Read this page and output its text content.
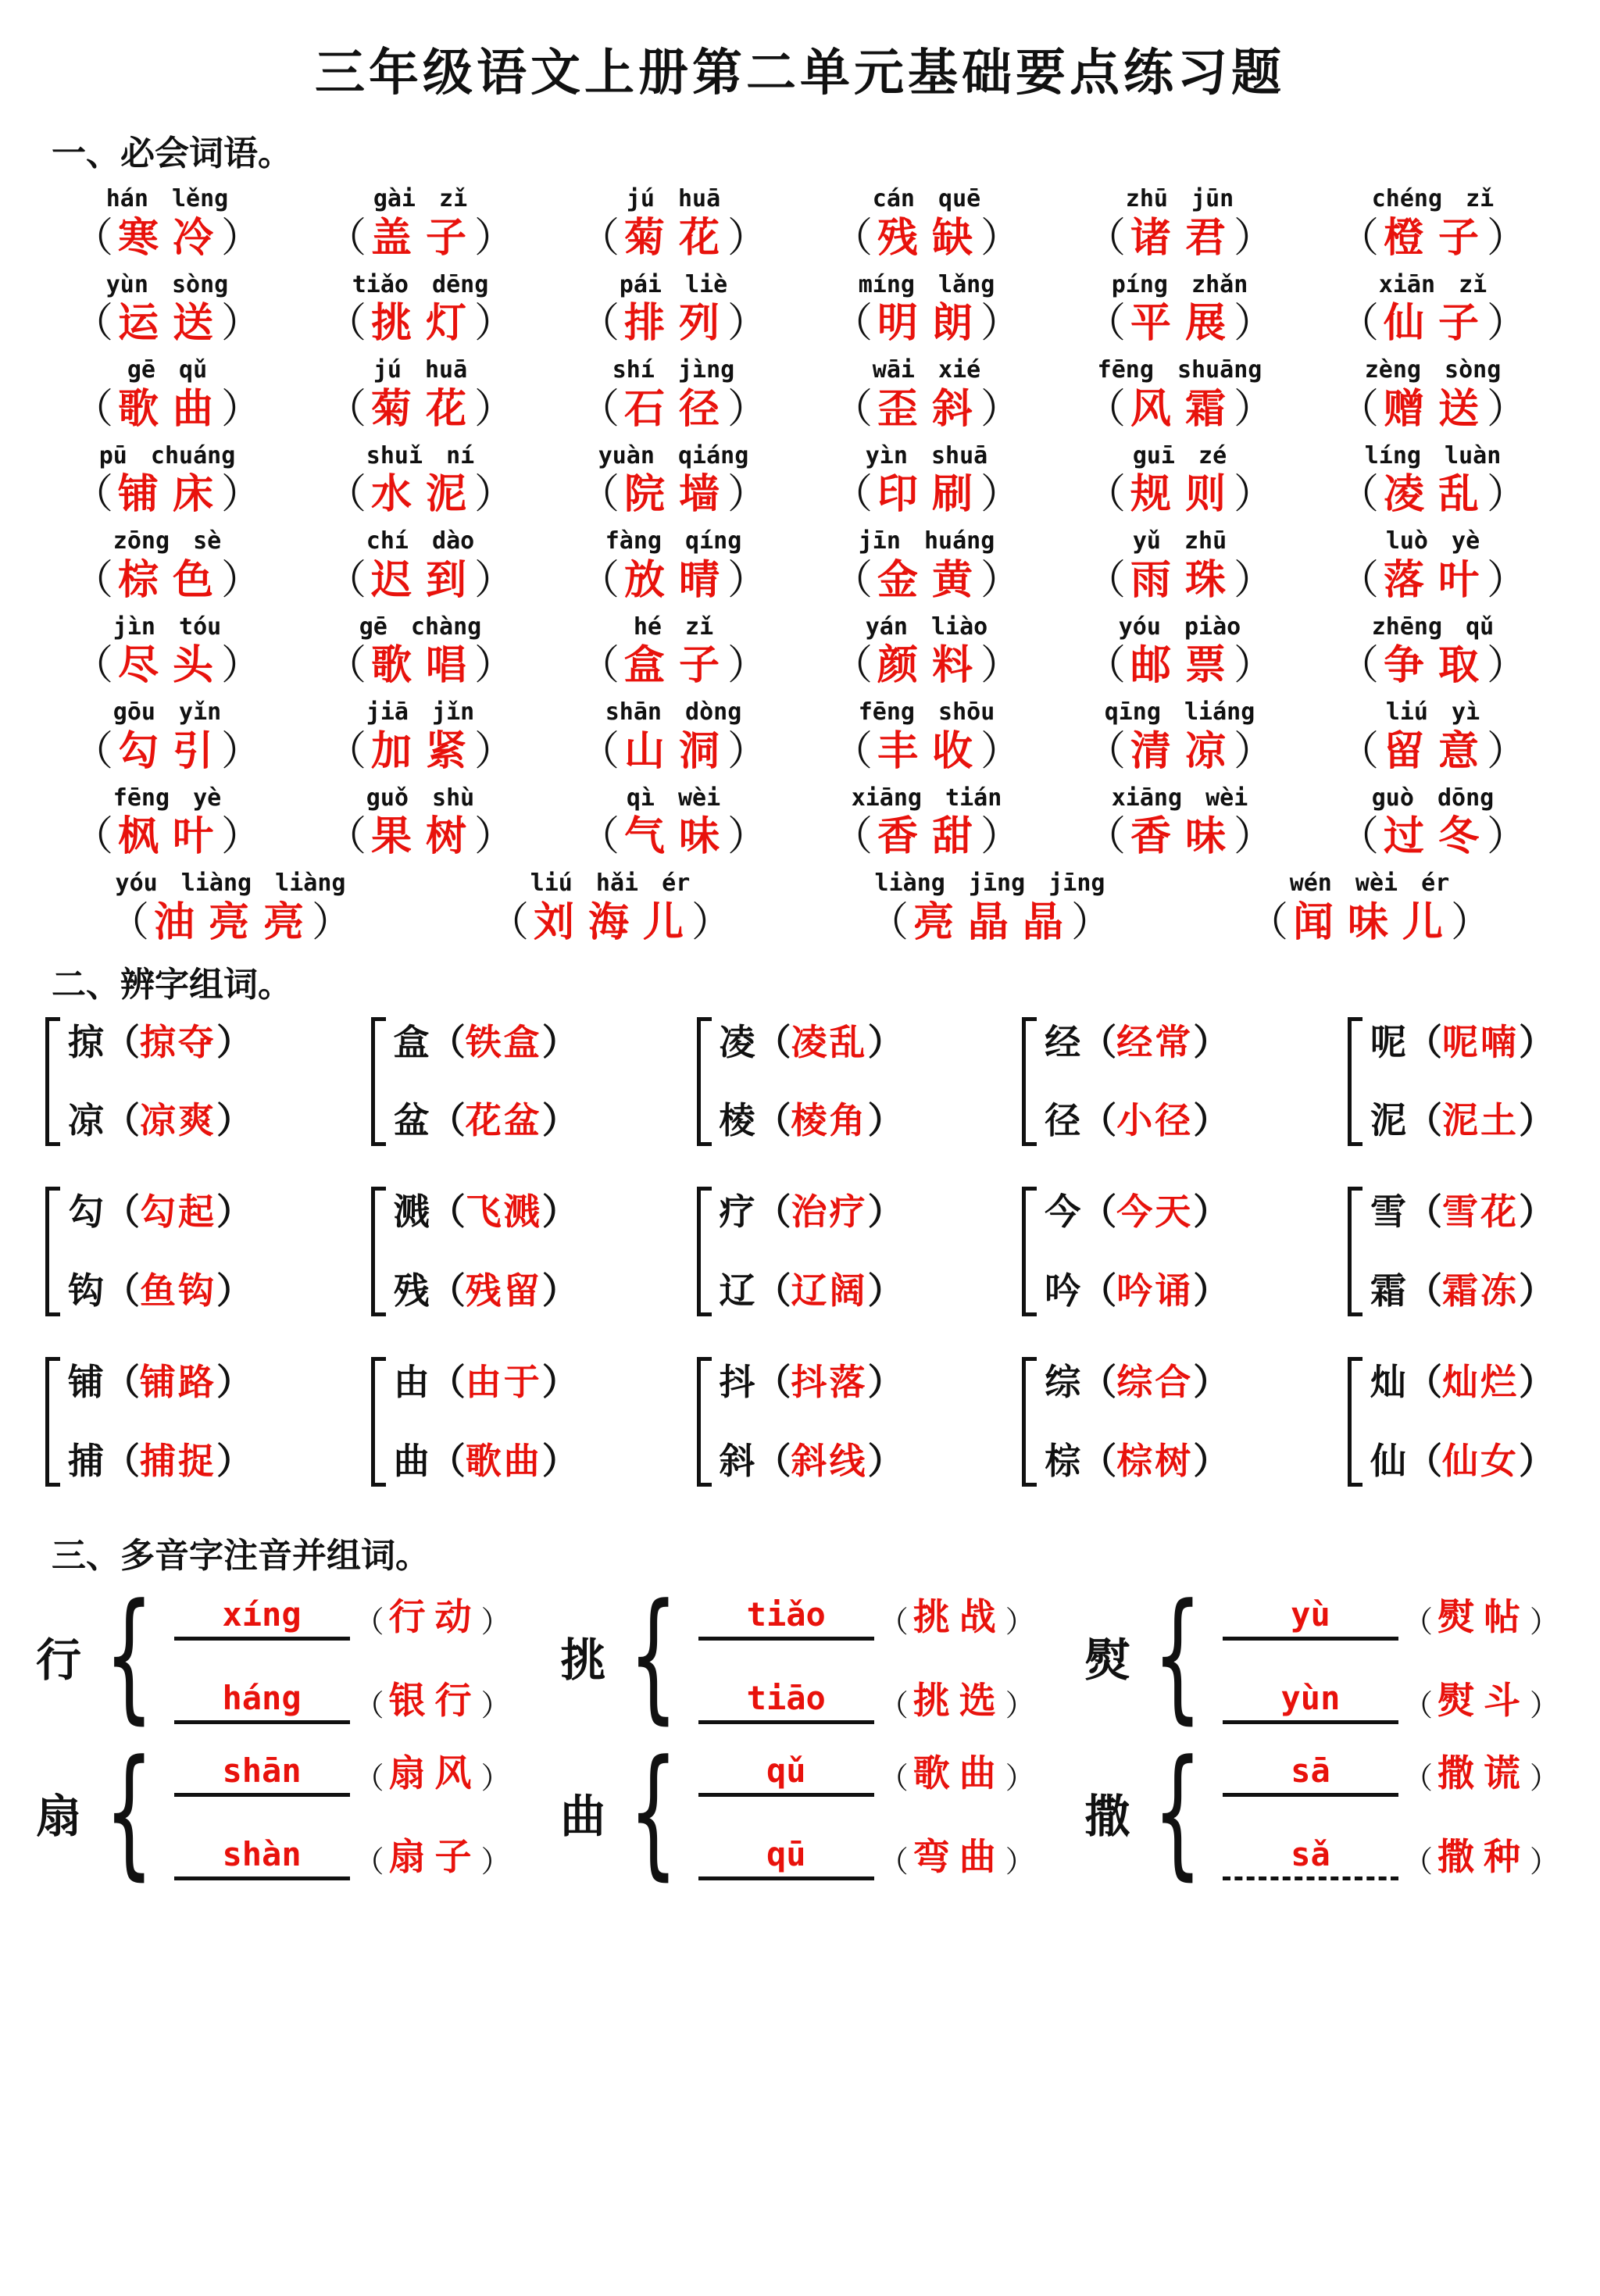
三年级语文上册第二单元基础要点练习题
一、必会词语。
hán lěng
（ 寒冷）
gài zǐ
（ 盖子）
jú huā
（ 菊花）
cán quē
（ 残缺）
zhū jūn
（ 诸君）
chéng zǐ
（ 橙子）
yùn sòng
（ 运送）
tiǎo dēng
（ 挑灯）
pái liè
（ 排列）
míng lǎng
（ 明朗）
píng zhǎn
（ 平展）
xiān zǐ
（ 仙子）
gē qǔ
（ 歌曲）
jú huā
（ 菊花）
shí jìng
（ 石径）
wāi xié
（ 歪斜）
fēng shuāng
（ 风霜）
zèng sòng
（ 赠送）
pū chuáng
（ 铺床）
shuǐ ní
（ 水泥）
yuàn qiáng
（ 院墙）
yìn shuā
（ 印刷）
guī zé
（ 规则）
líng luàn
（ 凌乱）
zōng sè
（ 棕色）
chí dào
（ 迟到）
fàng qíng
（ 放晴）
jīn huáng
（ 金黄）
yǔ zhū
（ 雨珠）
luò yè
（ 落叶）
jìn tóu
（ 尽头）
gē chàng
（ 歌唱）
hé zǐ
（ 盒子）
yán liào
（ 颜料）
yóu piào
（ 邮票）
zhēng qǔ
（ 争取）
gōu yǐn
（ 勾引）
jiā jǐn
（ 加紧）
shān dòng
（ 山洞）
fēng shōu
（ 丰收）
qīng liáng
（ 清凉）
liú yì
（ 留意）
fēng yè
（ 枫叶）
guǒ shù
（ 果树）
qì wèi
（ 气味）
xiāng tián
（ 香甜）
xiāng wèi
（ 香味）
guò dōng
（ 过冬）
yóu liàng liàng
（ 油亮亮）
liú hǎi ér
（ 刘海儿）
liàng jīng jīng
（ 亮晶晶）
wén wèi ér
（ 闻味儿）
二、辨字组词。
掠（掠夺）
凉（凉爽）
盒（铁盒）
盆（花盆）
凌（凌乱）
棱（棱角）
经（经常）
径（小径）
呢（呢喃）
泥（泥土）
勾（勾起）
钩（鱼钩）
溅（飞溅）
残（残留）
疗（治疗）
辽（辽阔）
今（今天）
吟（吟诵）
雪（雪花）
霜（霜冻）
铺（铺路）
捕（捕捉）
由（由于）
曲（歌曲）
抖（抖落）
斜（斜线）
综（综合）
棕（棕树）
灿（灿烂）
仙（仙女）
三、多音字注音并组词。
行 {	xíng	（ 行动 ）
háng	（ 银行 ）
挑 {	tiǎo	（ 挑战 ）
tiāo	（ 挑选 ）
熨 {	yù	（ 熨帖 ）
yùn	（ 熨斗 ）
扇 {	shān	（ 扇风 ）
shàn	（ 扇子 ）
曲 {	qǔ	（ 歌曲 ）
qū	（ 弯曲 ）
撒 {	sā	（ 撒谎 ）
sǎ	（ 撒种 ）
